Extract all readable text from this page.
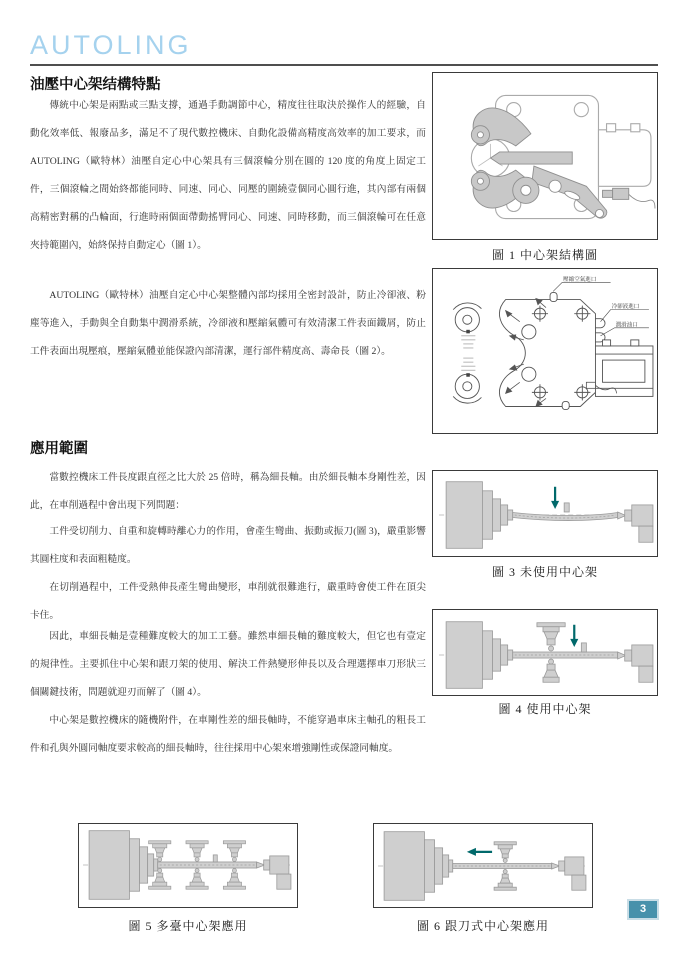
AUTOLING
油壓中心架结構特點

傳統中心架是兩點或三點支撐，通過手動調節中心，精度往往取決於操作人的經驗，自動化效率低、報廢品多，滿足不了現代數控機床、自動化設備高精度高效率的加工要求，而AUTOLING（歐特林）油壓自定心中心架具有三個滾輪分別在圓的 120 度的角度上固定工件，三個滾輪之間始終都能同時、同速、同心、同壓的圍繞壹個同心圓行進，其內部有兩個高精密對稱的凸輪面，行進時兩個面帶動搖臂同心、同速、同時移動，而三個滾輪可在任意夾持範圍內，始終保持自動定心（圖 1）。

AUTOLING（歐特林）油壓自定心中心架整體內部均採用全密封設計，防止冷卻液、粉塵等進入，手動與全自動集中潤滑系統，冷卻液和壓縮氣體可有效清潔工件表面鐵屑，防止工件表面出現壓痕，壓縮氣體並能保證內部清潔，運行部件精度高、壽命長（圖 2）。

應用範圍

當數控機床工件長度跟直徑之比大於 25 倍時，稱為細長軸。由於細長軸本身剛性差，因此，在車削過程中會出現下列問題：

工件受切削力、自重和旋轉時離心力的作用，會產生彎曲、振動或振刀(圖 3)，嚴重影響其圓柱度和表面粗糙度。

在切削過程中，工件受熱伸長產生彎曲變形，車削就很難進行，嚴重時會使工件在頂尖卡住。

因此，車細長軸是壹種難度較大的加工工藝。雖然車細長軸的難度較大，但它也有壹定的規律性。主要抓住中心架和跟刀架的使用、解決工件熱變形伸長以及合理選擇車刀形狀三個關鍵技術，問題就迎刃而解了（圖 4）。

中心架是數控機床的隨機附件，在車剛性差的細長軸時，不能穿過車床主軸孔的粗長工件和孔與外圓同軸度要求較高的細長軸時，往往採用中心架來增強剛性或保證同軸度。

圖 1 中心架結構圖
壓縮空氣進口
冷卻液進口
潤滑油口
圖 3 未使用中心架
圖 4 使用中心架
圖 5 多臺中心架應用	圖 6 跟刀式中心架應用
3
